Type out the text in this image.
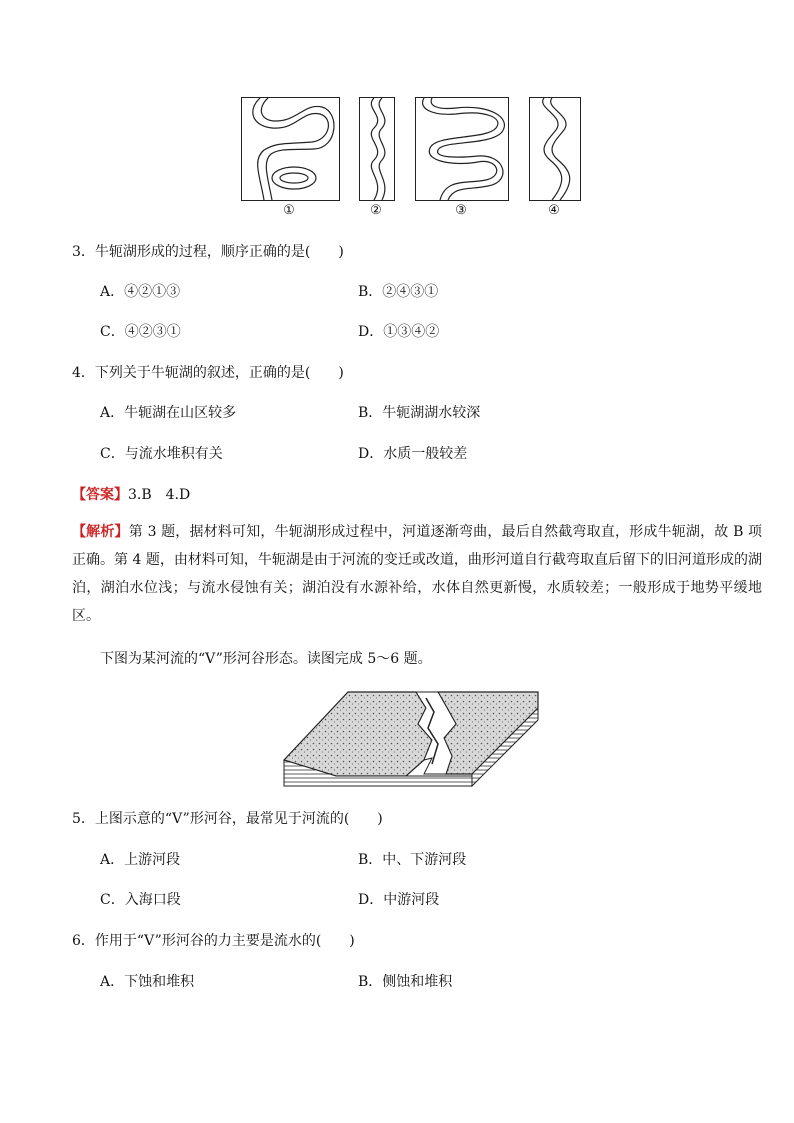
①	②	③	④
3．牛轭湖形成的过程，顺序正确的是(　　)
A．④②①③	B．②④③①
C．④②③①	D．①③④②
4．下列关于牛轭湖的叙述，正确的是(　　)
A．牛轭湖在山区较多	B．牛轭湖湖水较深
C．与流水堆积有关	D．水质一般较差
【答案】3.B　4.D
【解析】第 3 题，据材料可知，牛轭湖形成过程中，河道逐渐弯曲，最后自然截弯取直，形成牛轭湖，故 B 项正确。第 4 题，由材料可知，牛轭湖是由于河流的变迁或改道，曲形河道自行截弯取直后留下的旧河道形成的湖泊，湖泊水位浅；与流水侵蚀有关；湖泊没有水源补给，水体自然更新慢，水质较差；一般形成于地势平缓地区。
下图为某河流的“V”形河谷形态。读图完成 5～6 题。
5．上图示意的“V”形河谷，最常见于河流的(　　)
A．上游河段	B．中、下游河段
C．入海口段	D．中游河段
6．作用于“V”形河谷的力主要是流水的(　　)
A．下蚀和堆积	B．侧蚀和堆积
